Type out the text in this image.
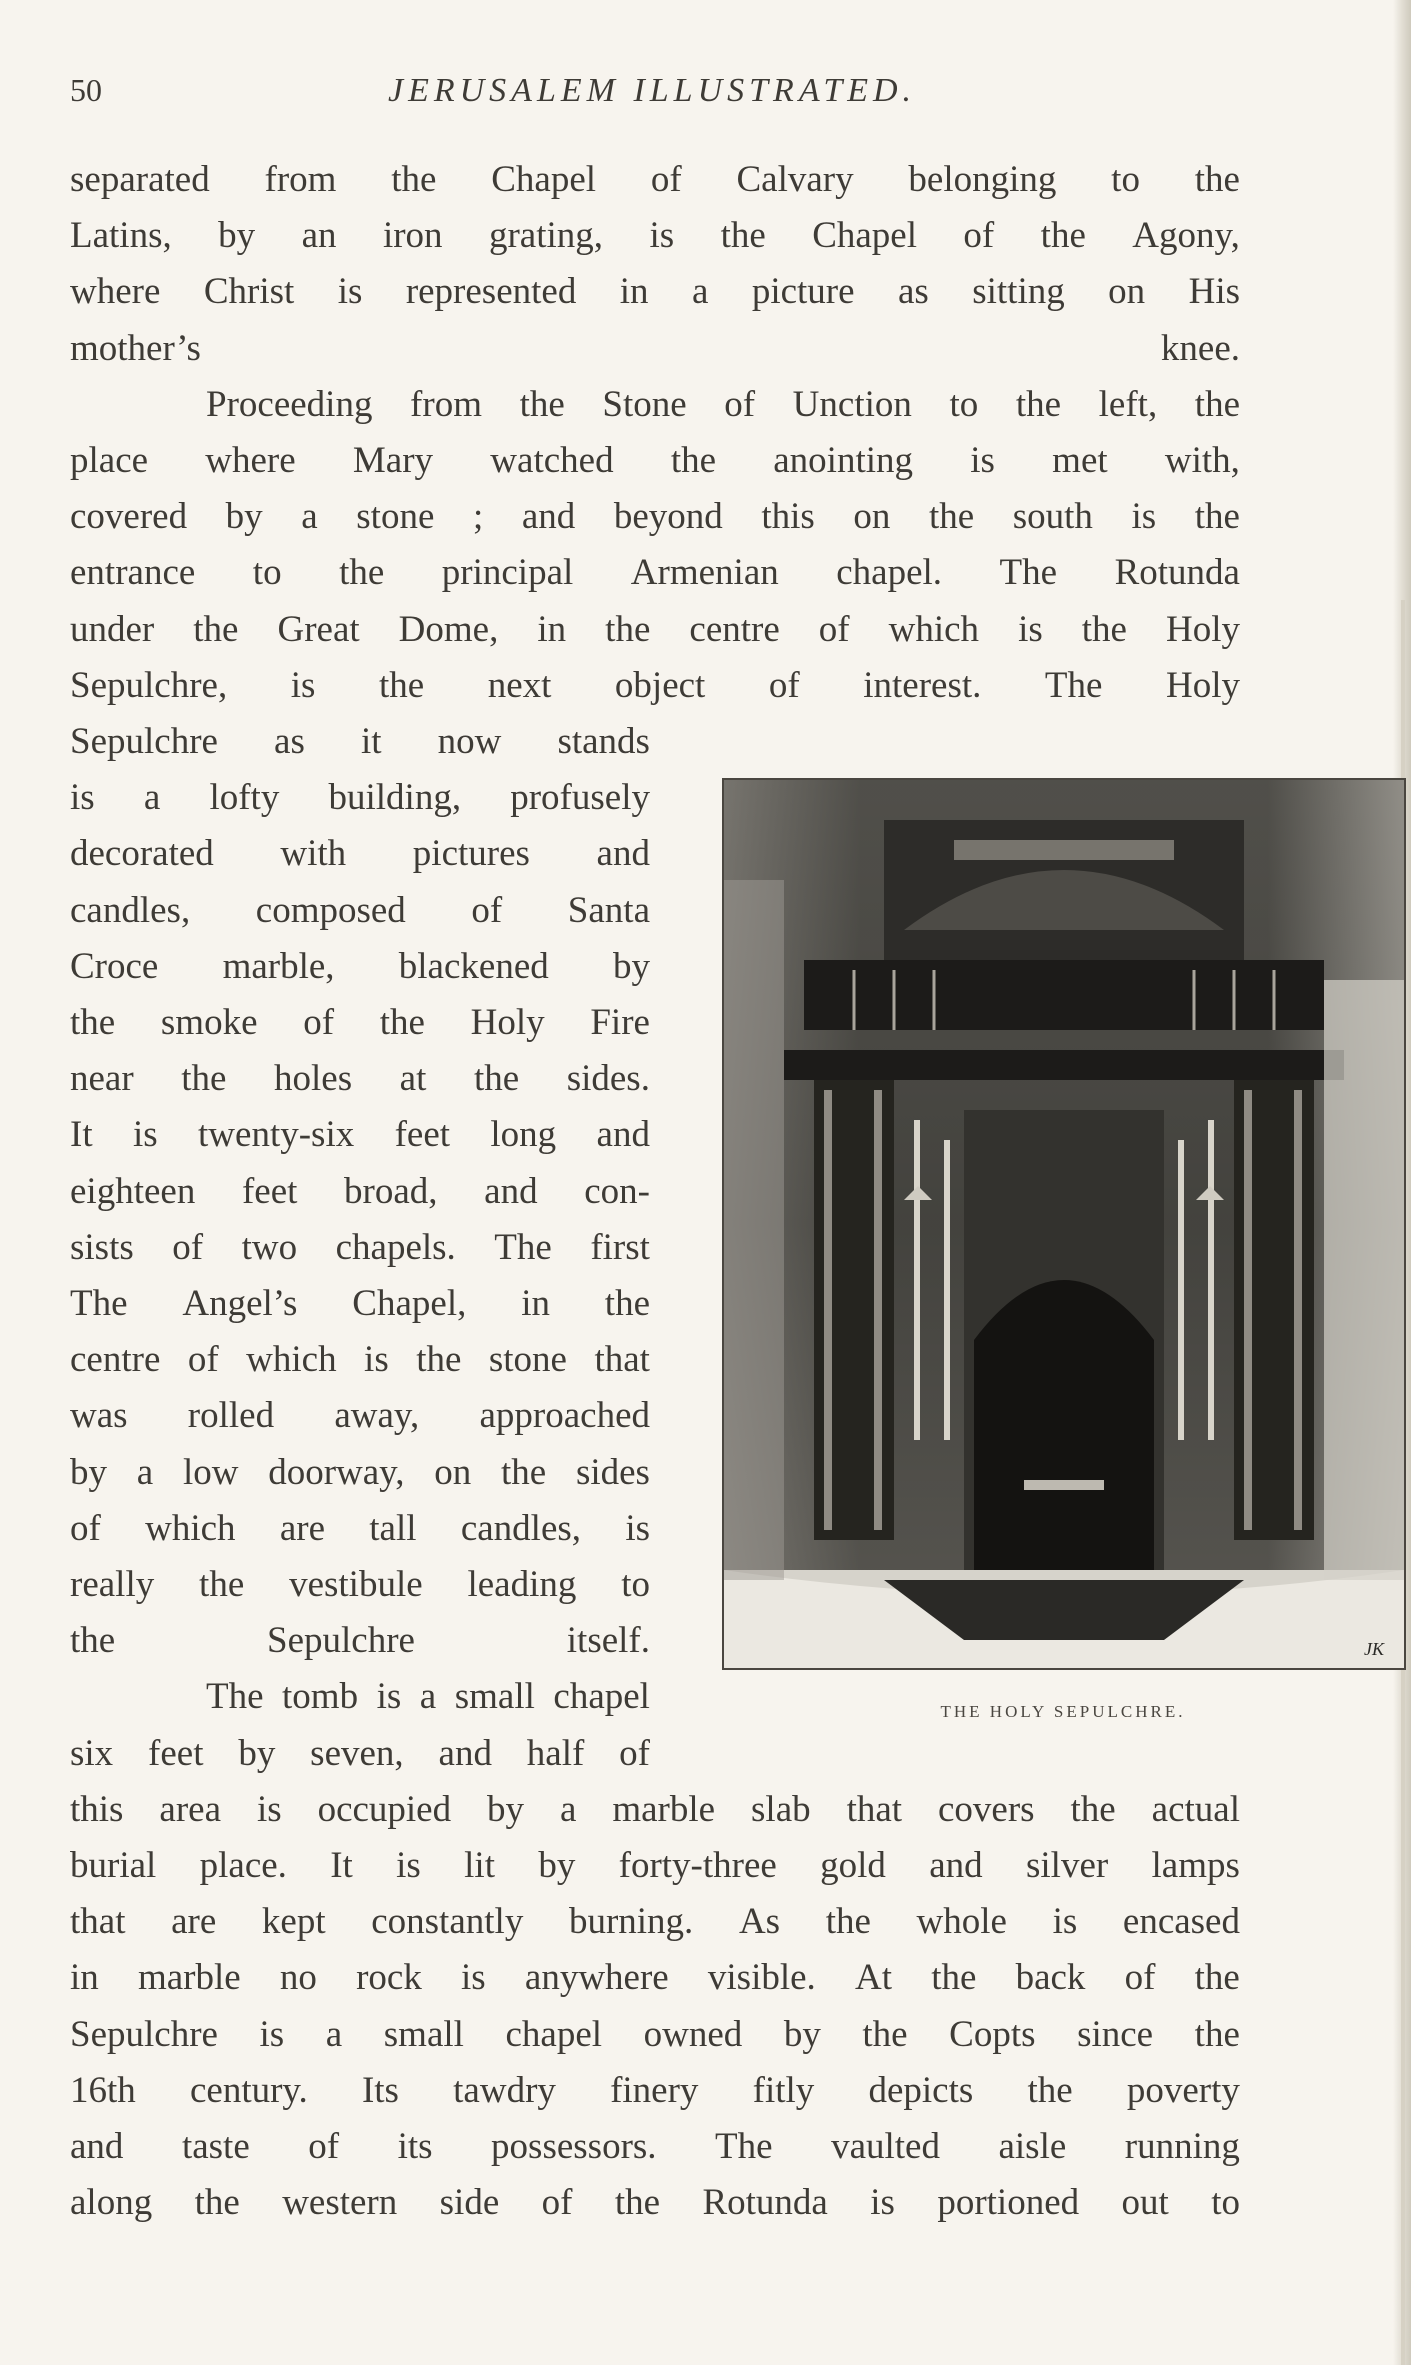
50	JERUSALEM ILLUSTRATED.
separated from the Chapel of Calvary belonging to the
Latins, by an iron grating, is the Chapel of the Agony,
where Christ is represented in a picture as sitting on His
mother’s knee.
Proceeding from the Stone of Unction to the left, the
place where Mary watched the anointing is met with,
covered by a stone ; and beyond this on the south is the
entrance to the principal Armenian chapel. The Rotunda
under the Great Dome, in the centre of which is the Holy
Sepulchre, is the next object of interest. The Holy
Sepulchre as it now stands
is a lofty building, profusely
decorated with pictures and
candles, composed of Santa
Croce marble, blackened by
the smoke of the Holy Fire
near the holes at the sides.
It is twenty-six feet long and
eighteen feet broad, and con-
sists of two chapels. The first
The Angel’s Chapel, in the
centre of which is the stone that
was rolled away, approached
by a low doorway, on the sides
of which are tall candles, is
really the vestibule leading to
the Sepulchre itself.
The tomb is a small chapel
six feet by seven, and half of
this area is occupied by a marble slab that covers the actual
burial place. It is lit by forty-three gold and silver lamps
that are kept constantly burning. As the whole is encased
in marble no rock is anywhere visible. At the back of the
Sepulchre is a small chapel owned by the Copts since the
16th century. Its tawdry finery fitly depicts the poverty
and taste of its possessors. The vaulted aisle running
along the western side of the Rotunda is portioned out to
JK
THE HOLY SEPULCHRE.
